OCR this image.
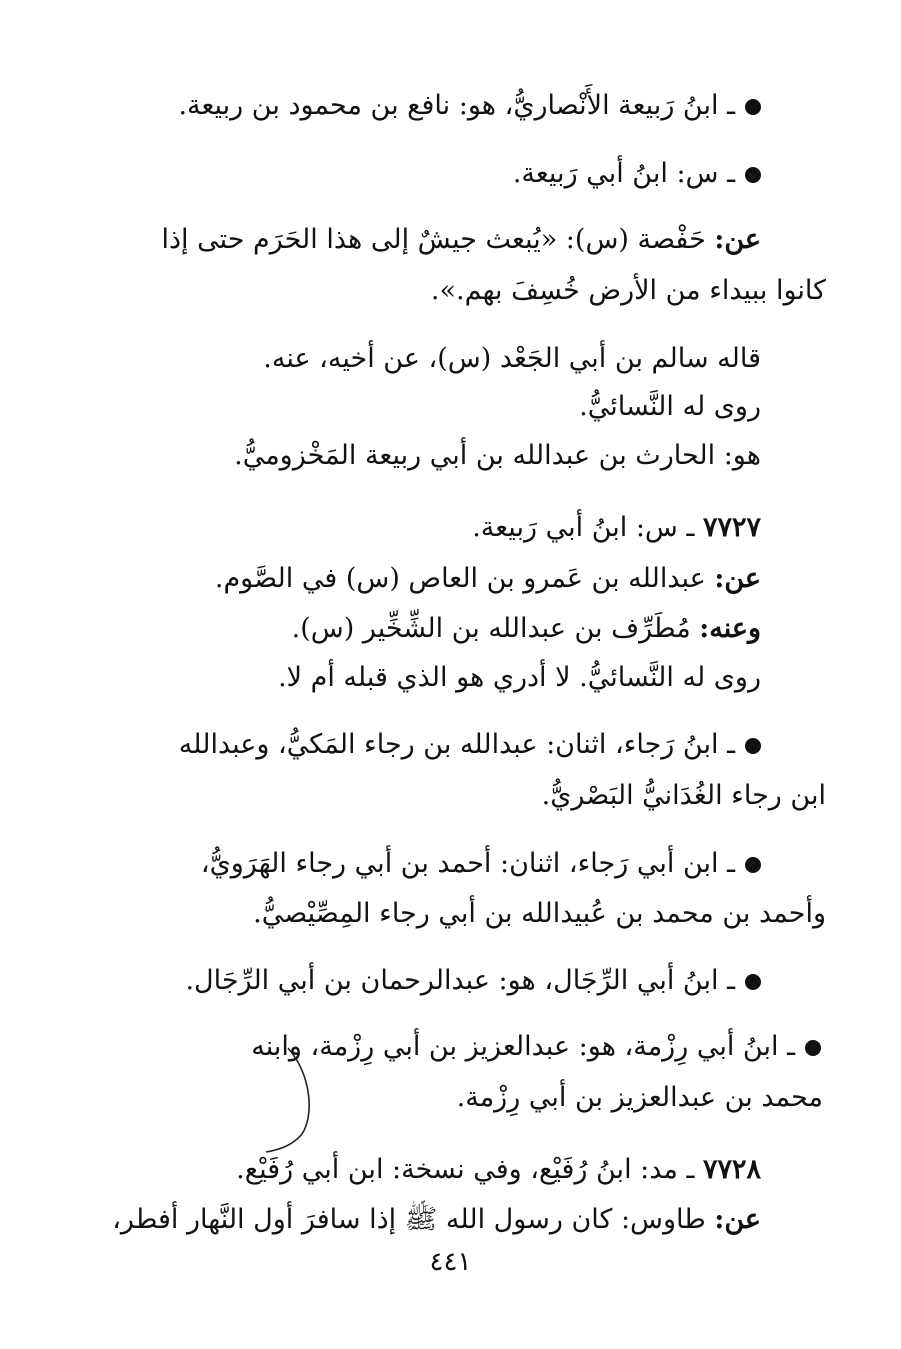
ـ ابنُ رَبيعة الأَنْصاريُّ، هو: نافع بن محمود بن ربيعة.
ـ س: ابنُ أبي رَبيعة.
عن: حَفْصة (س): «يُبعث جيشٌ إلى هذا الحَرَم حتى إذا
كانوا ببيداء من الأرض خُسِفَ بهم.».
قاله سالم بن أبي الجَعْد (س)، عن أخيه، عنه.
روى له النَّسائيُّ.
هو: الحارث بن عبدالله بن أبي ربيعة المَخْزوميُّ.
٧٧٢٧ ـ س: ابنُ أبي رَبيعة.
عن: عبدالله بن عَمرو بن العاص (س) في الصَّوم.
وعنه: مُطَرِّف بن عبدالله بن الشِّخِّير (س).
روى له النَّسائيُّ. لا أدري هو الذي قبله أم لا.
ـ ابنُ رَجاء، اثنان: عبدالله بن رجاء المَكيُّ، وعبدالله
ابن رجاء الغُدَانيُّ البَصْريُّ.
ـ ابن أبي رَجاء، اثنان: أحمد بن أبي رجاء الهَرَويُّ،
وأحمد بن محمد بن عُبيدالله بن أبي رجاء المِصِّيْصيُّ.
ـ ابنُ أبي الرِّجَال، هو: عبدالرحمان بن أبي الرِّجَال.
ـ ابنُ أبي رِزْمة، هو: عبدالعزيز بن أبي رِزْمة، وابنه
محمد بن عبدالعزيز بن أبي رِزْمة.
٧٧٢٨ ـ مد: ابنُ رُفَيْع، وفي نسخة: ابن أبي رُفَيْع.
عن: طاوس: كان رسول الله ﷺ إذا سافرَ أول النَّهار أفطر،
٤٤١
